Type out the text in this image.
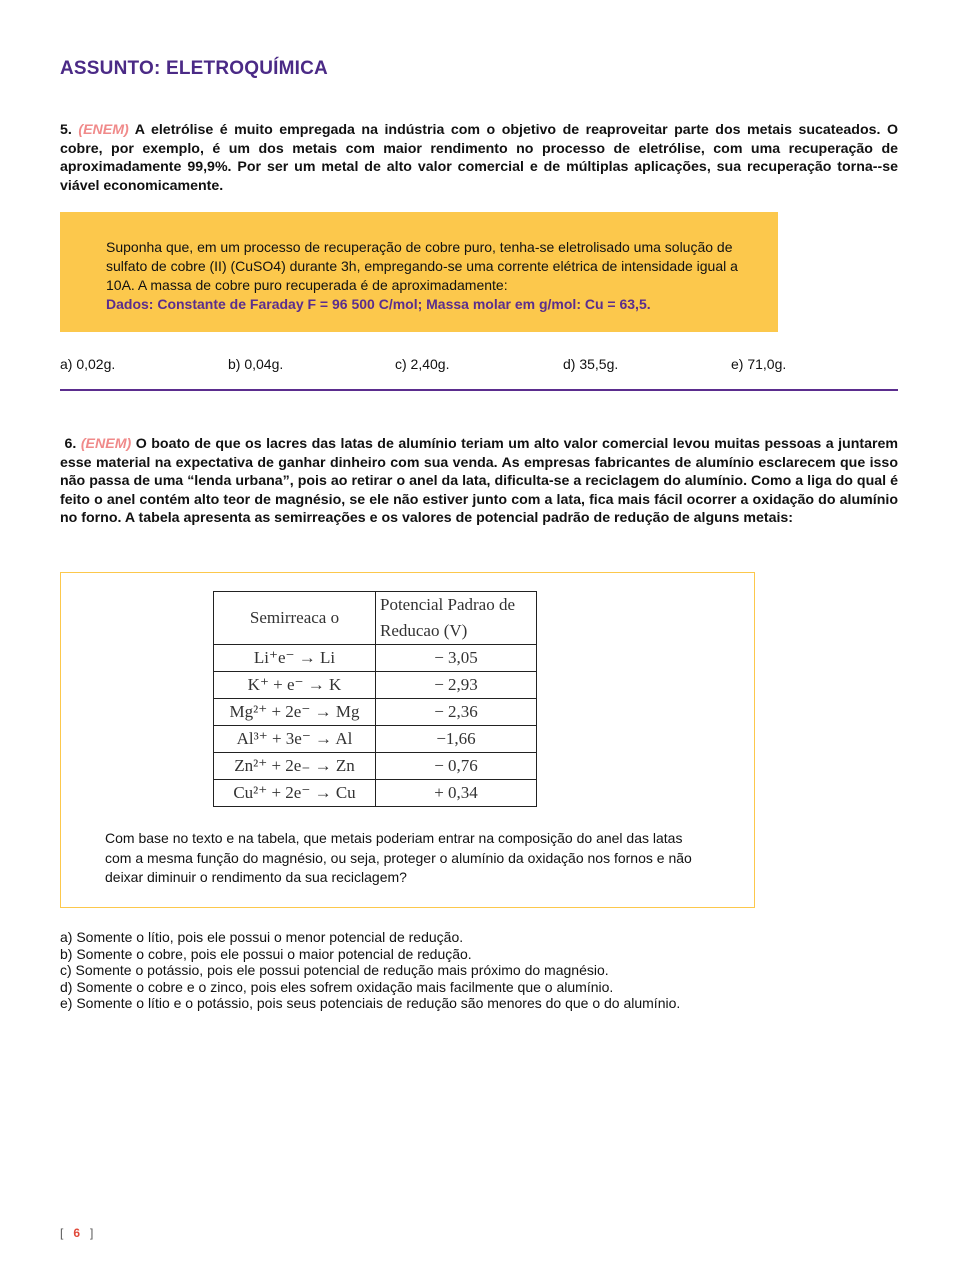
ASSUNTO: ELETROQUÍMICA
5. (ENEM) A eletrólise é muito empregada na indústria com o objetivo de reaproveitar parte dos metais sucateados. O cobre, por exemplo, é um dos metais com maior rendimento no processo de eletrólise, com uma recuperação de aproximadamente 99,9%. Por ser um metal de alto valor comercial e de múltiplas aplicações, sua recuperação torna--se viável economicamente.
Suponha que, em um processo de recuperação de cobre puro, tenha-se eletrolisado uma solução de sulfato de cobre (II) (CuSO4) durante 3h, empregando-se uma corrente elétrica de intensidade igual a 10A. A massa de cobre puro recuperada é de aproximadamente:
Dados: Constante de Faraday F = 96 500 C/mol; Massa molar em g/mol: Cu = 63,5.
a) 0,02g.	b) 0,04g.	c) 2,40g.	d) 35,5g.	e) 71,0g.
6. (ENEM) O boato de que os lacres das latas de alumínio teriam um alto valor comercial levou muitas pessoas a juntarem esse material na expectativa de ganhar dinheiro com sua venda. As empresas fabricantes de alumínio esclarecem que isso não passa de uma “lenda urbana”, pois ao retirar o anel da lata, dificulta-se a reciclagem do alumínio. Como a liga do qual é feito o anel contém alto teor de magnésio, se ele não estiver junto com a lata, fica mais fácil ocorrer a oxidação do alumínio no forno. A tabela apresenta as semirreações e os valores de potencial padrão de redução de alguns metais:
Semirreaca o	Potencial Padrao de Reducao (V)
Li⁺e⁻ → Li	− 3,05
K⁺ + e⁻ → K	− 2,93
Mg²⁺ + 2e⁻ → Mg	− 2,36
Al³⁺ + 3e⁻ → Al	−1,66
Zn²⁺ + 2e₋ → Zn	− 0,76
Cu²⁺ + 2e⁻ → Cu	+ 0,34
Com base no texto e na tabela, que metais poderiam entrar na composição do anel das latas com a mesma função do magnésio, ou seja, proteger o alumínio da oxidação nos fornos e não deixar diminuir o rendimento da sua reciclagem?
a) Somente o lítio, pois ele possui o menor potencial de redução.
b) Somente o cobre, pois ele possui o maior potencial de redução.
c) Somente o potássio, pois ele possui potencial de redução mais próximo do magnésio.
d) Somente o cobre e o zinco, pois eles sofrem oxidação mais facilmente que o alumínio.
e) Somente o lítio e o potássio, pois seus potenciais de redução são menores do que o do alumínio.
[ 6 ]
